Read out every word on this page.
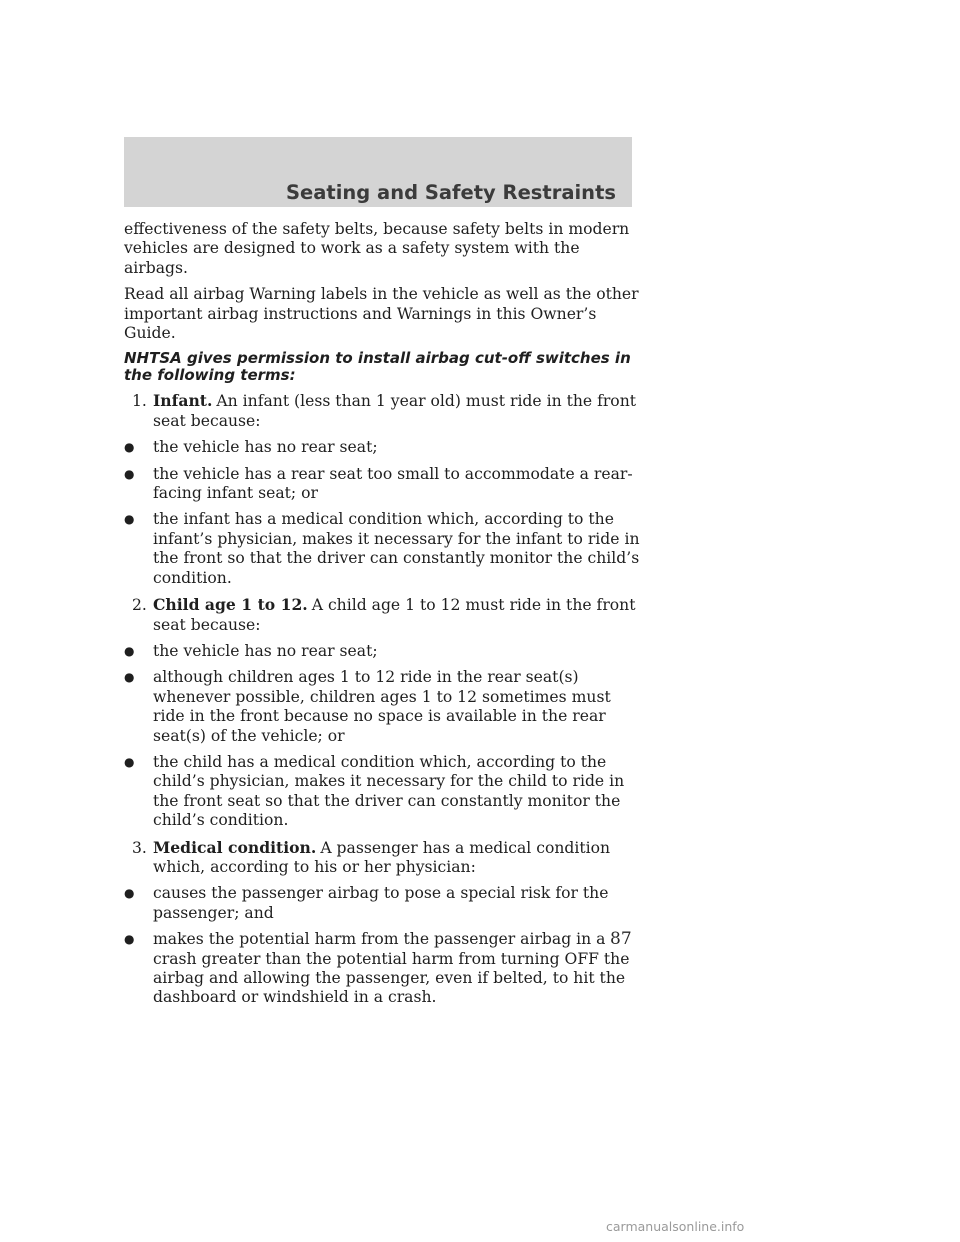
Seating and Safety Restraints

effectiveness of the safety belts, because safety belts in modern vehicles are designed to work as a safety system with the airbags.

Read all airbag Warning labels in the vehicle as well as the other important airbag instructions and Warnings in this Owner’s Guide.

NHTSA gives permission to install airbag cut-off switches in the following terms:

1. Infant. An infant (less than 1 year old) must ride in the front seat because:

● the vehicle has no rear seat;

● the vehicle has a rear seat too small to accommodate a rear-facing infant seat; or

● the infant has a medical condition which, according to the infant’s physician, makes it necessary for the infant to ride in the front so that the driver can constantly monitor the child’s condition.

2. Child age 1 to 12. A child age 1 to 12 must ride in the front seat because:

● the vehicle has no rear seat;

● although children ages 1 to 12 ride in the rear seat(s) whenever possible, children ages 1 to 12 sometimes must ride in the front because no space is available in the rear seat(s) of the vehicle; or

● the child has a medical condition which, according to the child’s physician, makes it necessary for the child to ride in the front seat so that the driver can constantly monitor the child’s condition.

3. Medical condition. A passenger has a medical condition which, according to his or her physician:

● causes the passenger airbag to pose a special risk for the passenger; and

● makes the potential harm from the passenger airbag in a crash greater than the potential harm from turning OFF the airbag and allowing the passenger, even if belted, to hit the dashboard or windshield in a crash.

87
carmanualsonline.info
